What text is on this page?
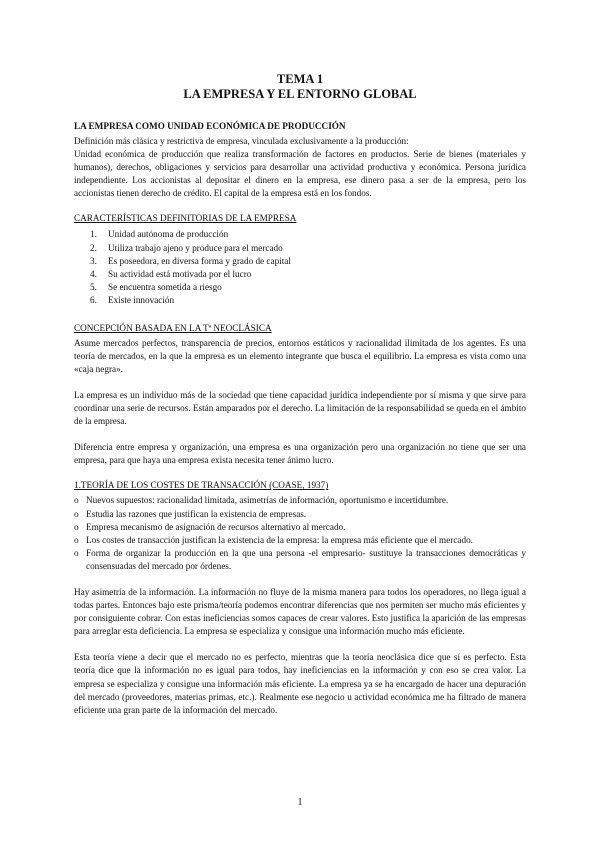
TEMA 1
LA EMPRESA Y EL ENTORNO GLOBAL
LA EMPRESA COMO UNIDAD ECONÓMICA DE PRODUCCIÓN

Definición más clásica y restrictiva de empresa, vinculada exclusivamente a la producción:

Unidad económica de producción que realiza transformación de factores en productos. Serie de bienes (materiales y humanos), derechos, obligaciones y servicios para desarrollar una actividad productiva y económica. Persona jurídica independiente. Los accionistas al depositar el dinero en la empresa, ese dinero pasa a ser de la empresa, pero los accionistas tienen derecho de crédito. El capital de la empresa está en los fondos.

CARACTERÍSTICAS DEFINITORIAS DE LA EMPRESA
1.	Unidad autónoma de producción
2.	Utiliza trabajo ajeno y produce para el mercado
3.	Es poseedora, en diversa forma y grado de capital
4.	Su actividad está motivada por el lucro
5.	Se encuentra sometida a riesgo
6.	Existe innovación
CONCEPCIÓN BASADA EN LA Tª NEOCLÁSICA

Asume mercados perfectos, transparencia de precios, entornos estáticos y racionalidad ilimitada de los agentes. Es una teoría de mercados, en la que la empresa es un elemento integrante que busca el equilibrio. La empresa es vista como una «caja negra».

La empresa es un individuo más de la sociedad que tiene capacidad jurídica independiente por sí misma y que sirve para coordinar una serie de recursos. Están amparados por el derecho. La limitación de la responsabilidad se queda en el ámbito de la empresa.

Diferencia entre empresa y organización, una empresa es una organización pero una organización no tiene que ser una empresa, para que haya una empresa exista necesita tener ánimo lucro.

1.TEORÍA DE LOS COSTES DE TRANSACCIÓN (COASE, 1937)
o Nuevos supuestos: racionalidad limitada, asimetrías de información, oportunismo e incertidumbre.
o Estudia las razones que justifican la existencia de empresas.
o Empresa mecanismo de asignación de recursos alternativo al mercado.
o Los costes de transacción justifican la existencia de la empresa: la empresa más eficiente que el mercado.
o Forma de organizar la producción en la que una persona -el empresario- sustituye la transacciones democráticas y consensuadas del mercado por órdenes.

Hay asimetría de la información. La información no fluye de la misma manera para todos los operadores, no llega igual a todas partes. Entonces bajo este prisma/teoría podemos encontrar diferencias que nos permiten ser mucho más eficientes y por consiguiente cobrar. Con estas ineficiencias somos capaces de crear valores. Esto justifica la aparición de las empresas para arreglar esta deficiencia. La empresa se especializa y consigue una información mucho más eficiente.

Esta teoría viene a decir que el mercado no es perfecto, mientras que la teoría neoclásica dice que sí es perfecto. Esta teoría dice que la información no es igual para todos, hay ineficiencias en la información y con eso se crea valor. La empresa se especializa y consigue una información más eficiente. La empresa ya se ha encargado de hacer una depuración del mercado (proveedores, materias primas, etc.). Realmente ese negocio u actividad económica me ha filtrado de manera eficiente una gran parte de la información del mercado.

1
